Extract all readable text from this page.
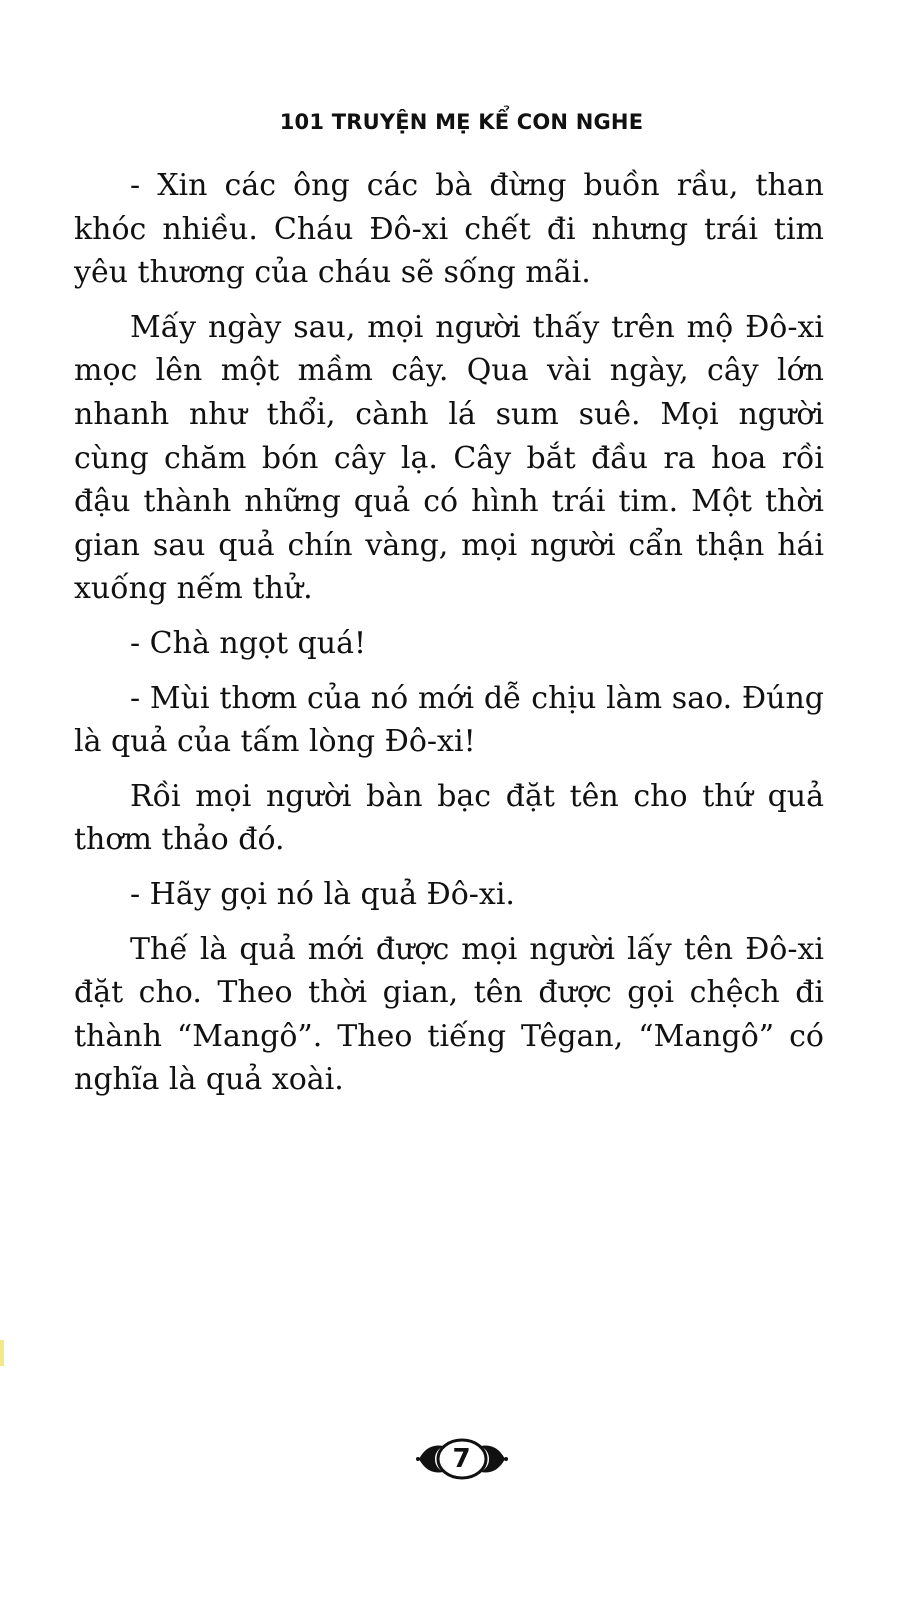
101 TRUYỆN MẸ KỂ CON NGHE

- Xin các ông các bà đừng buồn rầu, than khóc nhiều. Cháu Đô-xi chết đi nhưng trái tim yêu thương của cháu sẽ sống mãi.

Mấy ngày sau, mọi người thấy trên mộ Đô-xi mọc lên một mầm cây. Qua vài ngày, cây lớn nhanh như thổi, cành lá sum suê. Mọi người cùng chăm bón cây lạ. Cây bắt đầu ra hoa rồi đậu thành những quả có hình trái tim. Một thời gian sau quả chín vàng, mọi người cẩn thận hái xuống nếm thử.

- Chà ngọt quá!

- Mùi thơm của nó mới dễ chịu làm sao. Đúng là quả của tấm lòng Đô-xi!

Rồi mọi người bàn bạc đặt tên cho thứ quả thơm thảo đó.

- Hãy gọi nó là quả Đô-xi.

Thế là quả mới được mọi người lấy tên Đô-xi đặt cho. Theo thời gian, tên được gọi chệch đi thành “Mangô”. Theo tiếng Têgan, “Mangô” có nghĩa là quả xoài.

7
